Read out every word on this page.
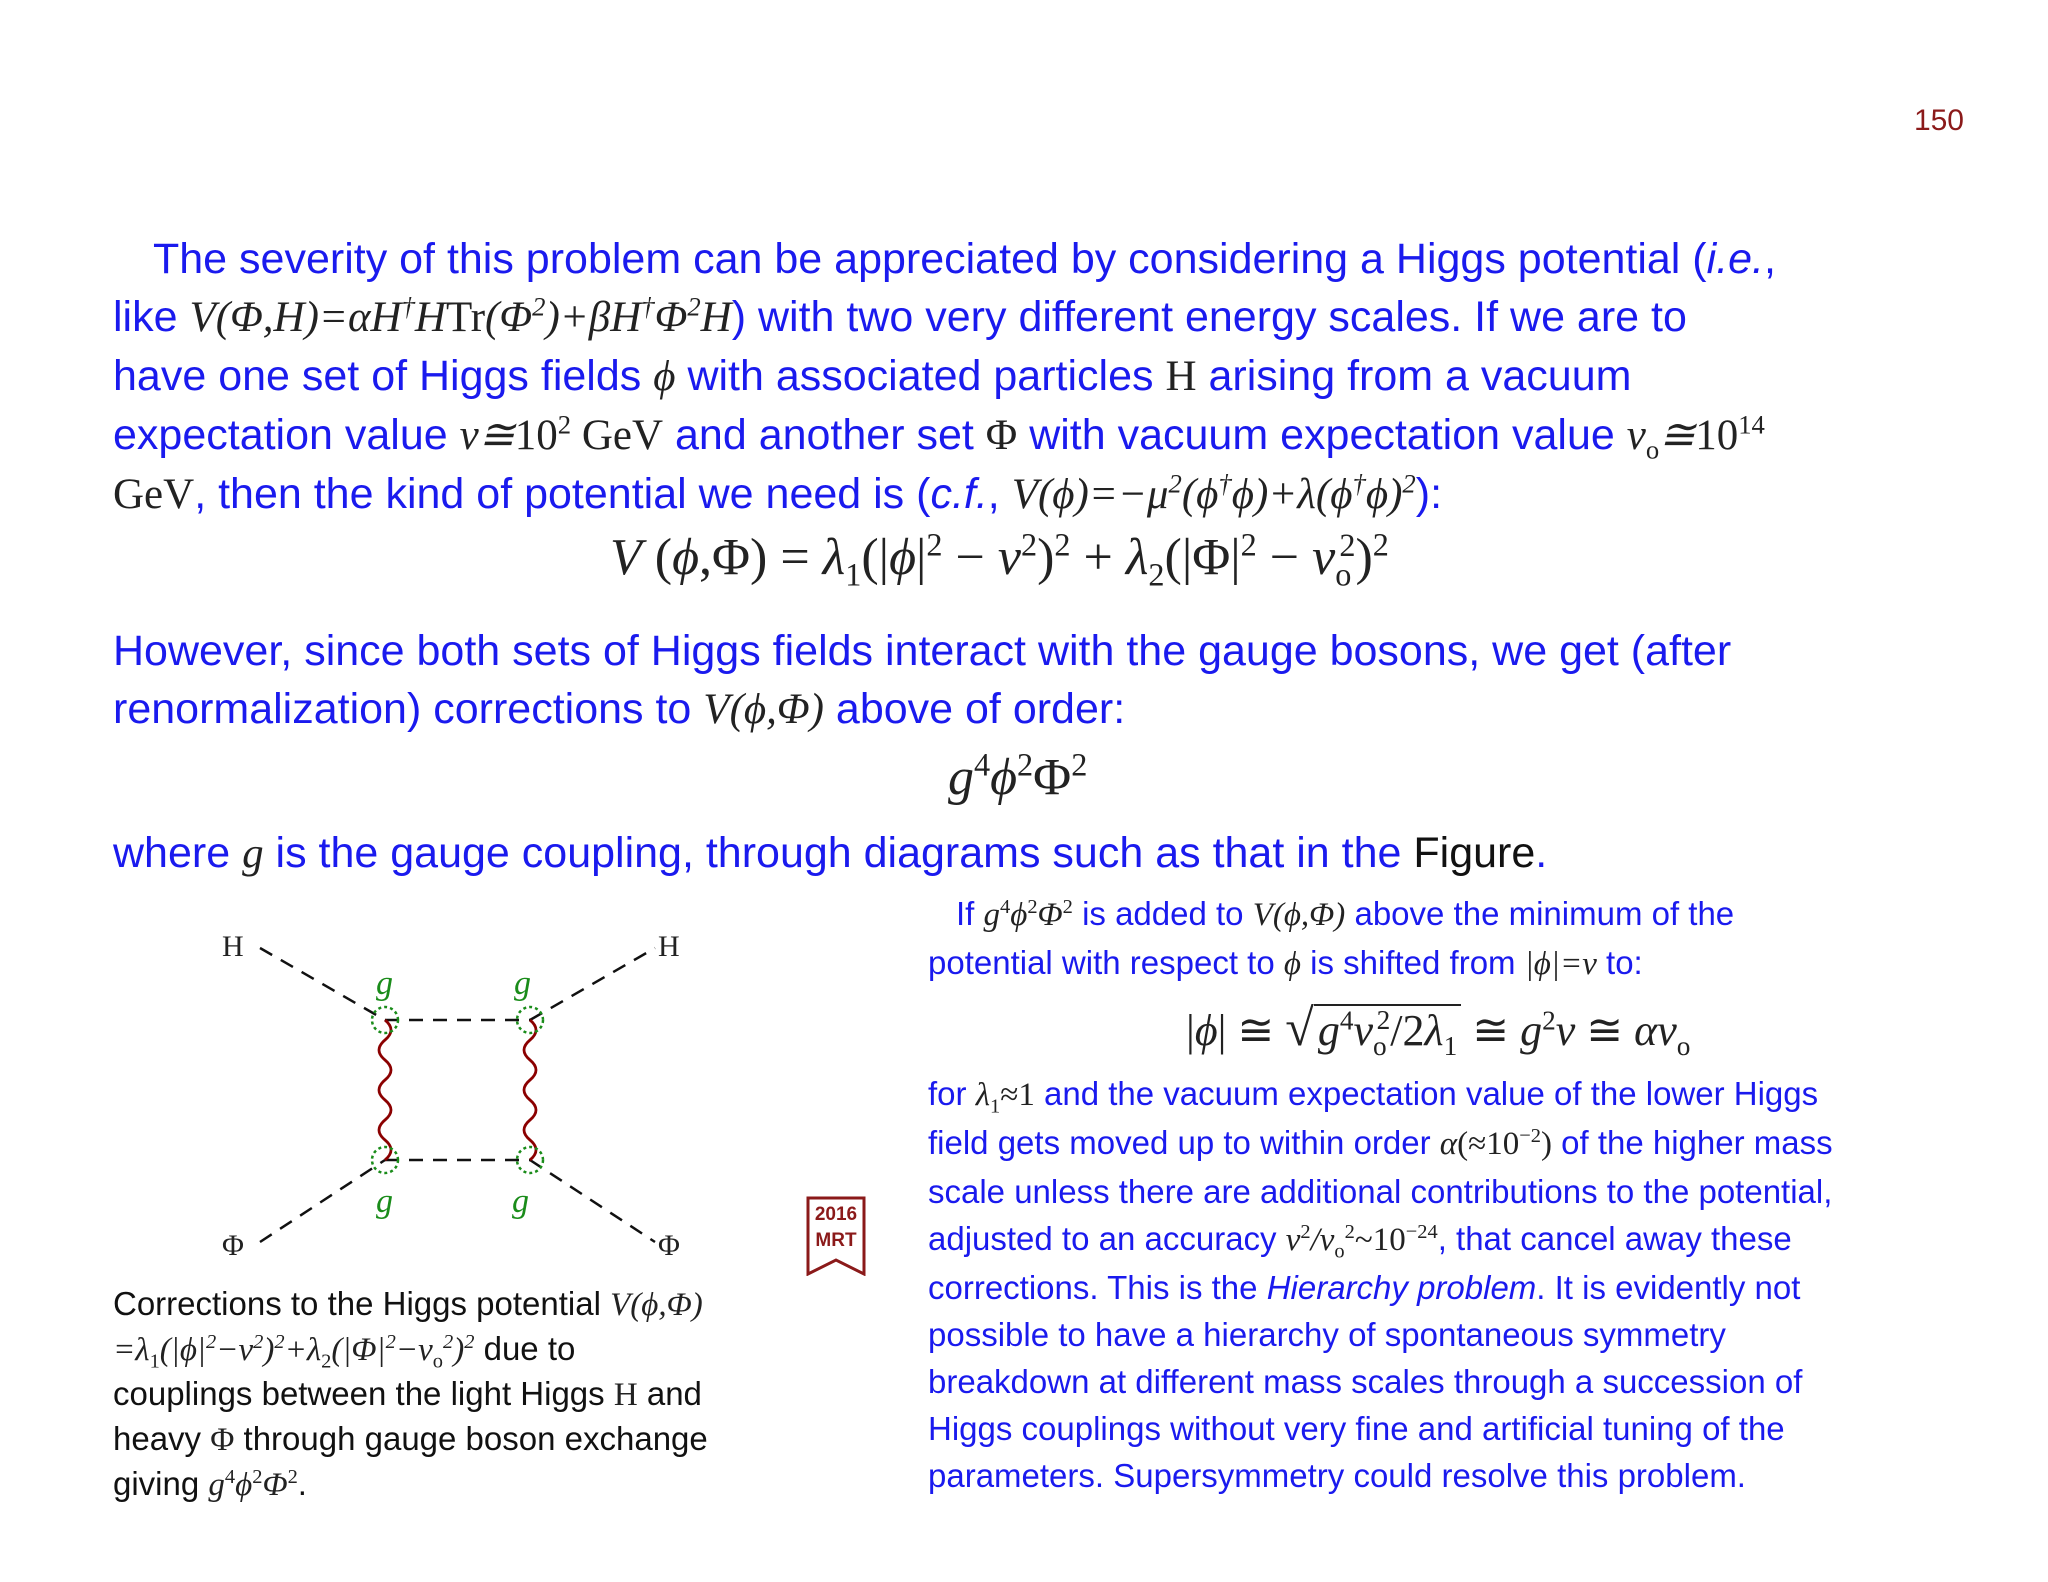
150
The severity of this problem can be appreciated by considering a Higgs potential (i.e.,
like $V(\Phi,H)=\alpha H^\dagger HTr(\Phi^2)+\beta H^\dagger\Phi^2H$) with two very different energy scales. If we are to
have one set of Higgs fields ϕ with associated particles H arising from a vacuum
expectation value $v≅10^2$ GeV and another set Φ with vacuum expectation value $v_o≅10^{14}$
GeV, then the kind of potential we need is (c.f., $V(\phi)=-\mu^2(\phi^\dagger\phi)+\lambda(\phi^\dagger\phi)^2$):
V $(\phi,\Phi) = \lambda_1(|\phi|^2 - v^2)^2 + \lambda_2(|\Phi|^2 - v_o^2)^2$
However, since both sets of Higgs fields interact with the gauge bosons, we get (after
renormalization) corrections to V(ϕ,Φ) above of order:
$g^4\phi^2\Phi^2$
where g is the gauge coupling, through diagrams such as that in the Figure.
H	H
Φ	Φ
g	g
g	g
Corrections to the Higgs potential V(ϕ,Φ)
$=\lambda_1(|\phi|^2-v^2)^2+\lambda_2(|\Phi|^2-v_o^2)^2$ due to
couplings between the light Higgs H and
heavy Φ through gauge boson exchange
giving $g^4\phi^2\Phi^2$.
2016
MRT
If $g^4\phi^2\Phi^2$ is added to V(ϕ,Φ) above the minimum of the
potential with respect to ϕ is shifted from |ϕ|=v to:
|ϕ| ≅ $√g^4v_o^2/2\lambda_1$ ≅ $g^2v$ ≅ $\alpha v_o$
for $\lambda_1\approx 1$ and the vacuum expectation value of the lower Higgs
field gets moved up to within order $\alpha(\approx 10^{-2})$ of the higher mass
scale unless there are additional contributions to the potential,
adjusted to an accuracy $v^2/v_o^2\sim 10^{-24}$, that cancel away these
corrections. This is the Hierarchy problem. It is evidently not
possible to have a hierarchy of spontaneous symmetry
breakdown at different mass scales through a succession of
Higgs couplings without very fine and artificial tuning of the
parameters. Supersymmetry could resolve this problem.
